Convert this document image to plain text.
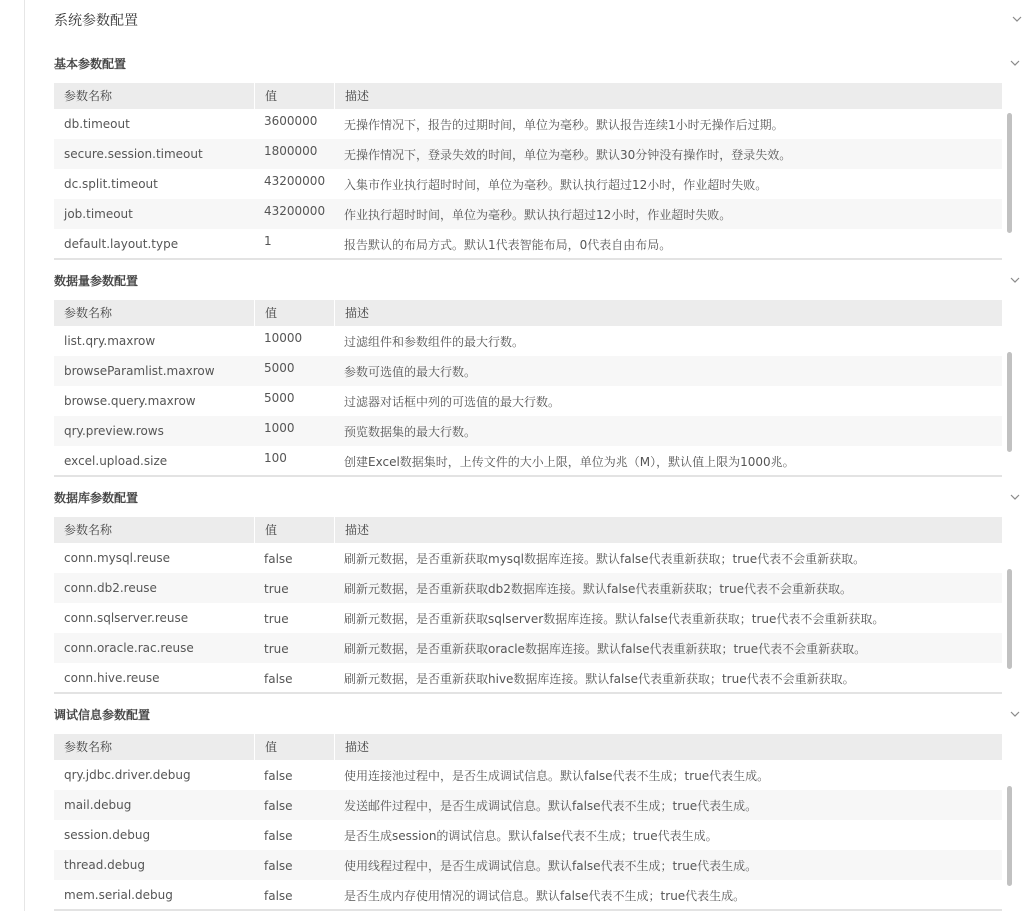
系统参数配置
基本参数配置
参数名称	值	描述
db.timeout	3600000 无操作情况下，报告的过期时间，单位为毫秒。默认报告连续1小时无操作后过期。
secure.session.timeout	1800000 无操作情况下，登录失效的时间，单位为毫秒。默认30分钟没有操作时，登录失效。
dc.split.timeout	43200000 入集市作业执行超时时间，单位为毫秒。默认执行超过12小时，作业超时失败。
job.timeout	43200000 作业执行超时时间，单位为毫秒。默认执行超过12小时，作业超时失败。
default.layout.type	1	报告默认的布局方式。默认1代表智能布局，0代表自由布局。
数据量参数配置
参数名称	值	描述
list.qry.maxrow	10000	过滤组件和参数组件的最大行数。
browseParamlist.maxrow	5000	参数可选值的最大行数。
browse.query.maxrow	5000	过滤器对话框中列的可选值的最大行数。
qry.preview.rows	1000	预览数据集的最大行数。
excel.upload.size	100	创建Excel数据集时，上传文件的大小上限，单位为兆（M），默认值上限为1000兆。
数据库参数配置
参数名称	值	描述
conn.mysql.reuse	false	刷新元数据，是否重新获取mysql数据库连接。默认false代表重新获取；true代表不会重新获取。
conn.db2.reuse	true	刷新元数据，是否重新获取db2数据库连接。默认false代表重新获取；true代表不会重新获取。
conn.sqlserver.reuse	true	刷新元数据，是否重新获取sqlserver数据库连接。默认false代表重新获取；true代表不会重新获取。
conn.oracle.rac.reuse	true	刷新元数据，是否重新获取oracle数据库连接。默认false代表重新获取；true代表不会重新获取。
conn.hive.reuse	false	刷新元数据，是否重新获取hive数据库连接。默认false代表重新获取；true代表不会重新获取。
调试信息参数配置
参数名称	值	描述
qry.jdbc.driver.debug	false	使用连接池过程中，是否生成调试信息。默认false代表不生成；true代表生成。
mail.debug	false	发送邮件过程中，是否生成调试信息。默认false代表不生成；true代表生成。
session.debug	false	是否生成session的调试信息。默认false代表不生成；true代表生成。
thread.debug	false	使用线程过程中，是否生成调试信息。默认false代表不生成；true代表生成。
mem.serial.debug	false	是否生成内存使用情况的调试信息。默认false代表不生成；true代表生成。
